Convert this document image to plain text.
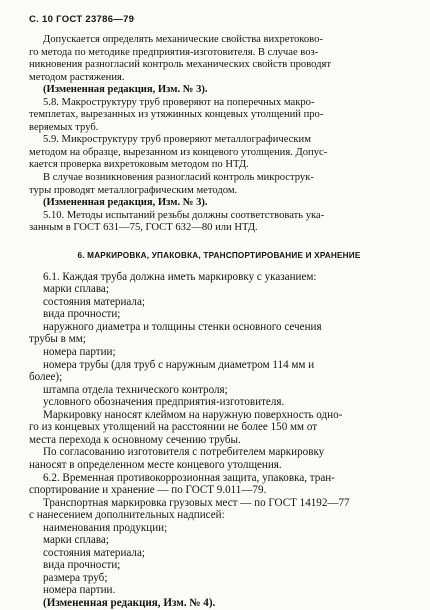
С. 10 ГОСТ 23786—79

Допускается определять механические свойства вихретоково-

го метода по методике предприятия-изготовителя. В случае воз-

никновения разногласий контроль механических свойств проводят

методом растяжения.

(Измененная редакция, Изм. № 3).

5.8. Макроструктуру труб проверяют на поперечных макро-

темплетах, вырезанных из утяжинных концевых утолщений про-

веряемых труб.

5.9. Микроструктуру труб проверяют металлографическим

методом на образце, вырезанном из концевого утолщения. Допус-

кается проверка вихретоковым методом по НТД.

В случае возникновения разногласий контроль микрострук-

туры проводят металлографическим методом.

(Измененная редакция, Изм. № 3).

5.10. Методы испытаний резьбы должны соответствовать ука-

занным в ГОСТ 631—75, ГОСТ 632—80 или НТД.

6. МАРКИРОВКА, УПАКОВКА, ТРАНСПОРТИРОВАНИЕ И ХРАНЕНИЕ

6.1. Каждая труба должна иметь маркировку с указанием:

марки сплава;

состояния материала;

вида прочности;

наружного диаметра и толщины стенки основного сечения

трубы в мм;

номера партии;

номера трубы (для труб с наружным диаметром 114 мм и

более);

штампа отдела технического контроля;

условного обозначения предприятия-изготовителя.

Маркировку наносят клеймом на наружную поверхность одно-

го из концевых утолщений на расстоянии не более 150 мм от

места перехода к основному сечению трубы.

По согласованию изготовителя с потребителем маркировку

наносят в определенном месте концевого утолщения.

6.2. Временная противокоррозионная защита, упаковка, тран-

спортирование и хранение — по ГОСТ 9.011—79.

Транспортная маркировка грузовых мест — по ГОСТ 14192—77

с нанесением дополнительных надписей:

наименования продукции;

марки сплава;

состояния материала;

вида прочности;

размера труб;

номера партии.

(Измененная редакция, Изм. № 4).
